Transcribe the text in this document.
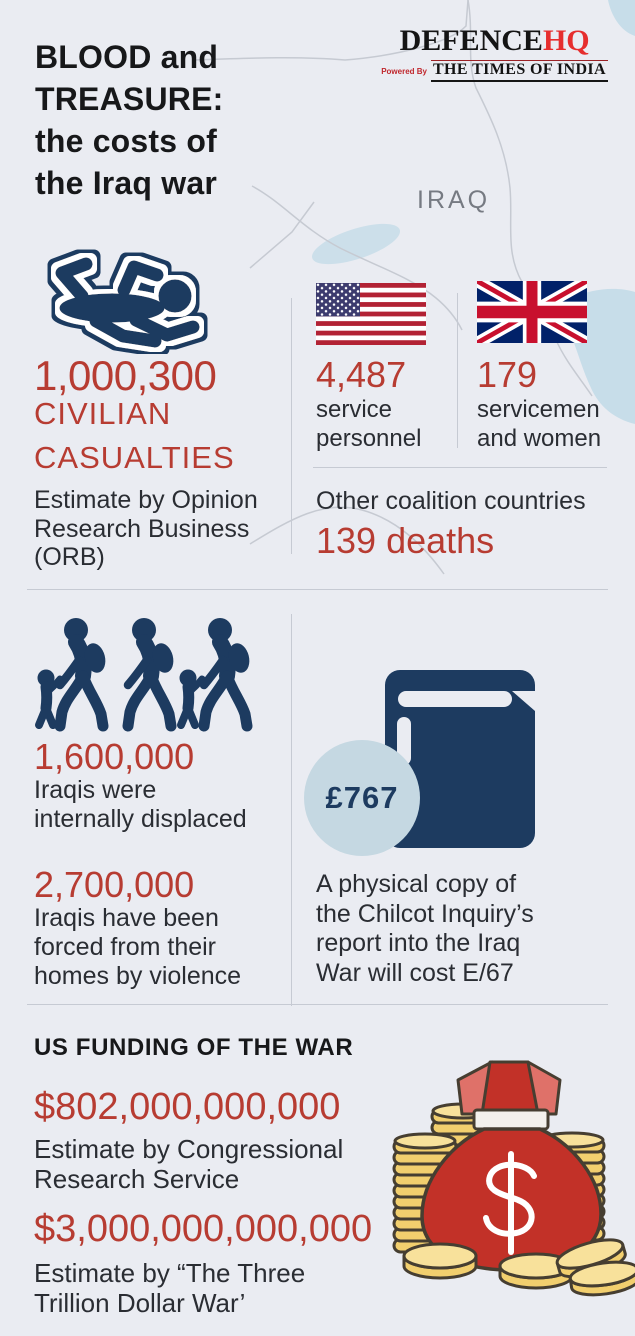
IRAQ
BLOOD and
TREASURE:
the costs of
the Iraq war
DEFENCEHQ
Powered By THE TIMES OF INDIA
1,000,300
CIVILIAN
CASUALTIES
Estimate by Opinion
Research Business
(ORB)
4,487
service
personnel
179
servicemen
and women
Other coalition countries
139 deaths
1,600,000
Iraqis were
internally displaced
2,700,000
Iraqis have been
forced from their
homes by violence
£767
A physical copy of
the Chilcot Inquiry’s
report into the Iraq
War will cost E/67
US FUNDING OF THE WAR
$802,000,000,000
Estimate by Congressional
Research Service
$3,000,000,000,000
Estimate by “The Three
Trillion Dollar War’
